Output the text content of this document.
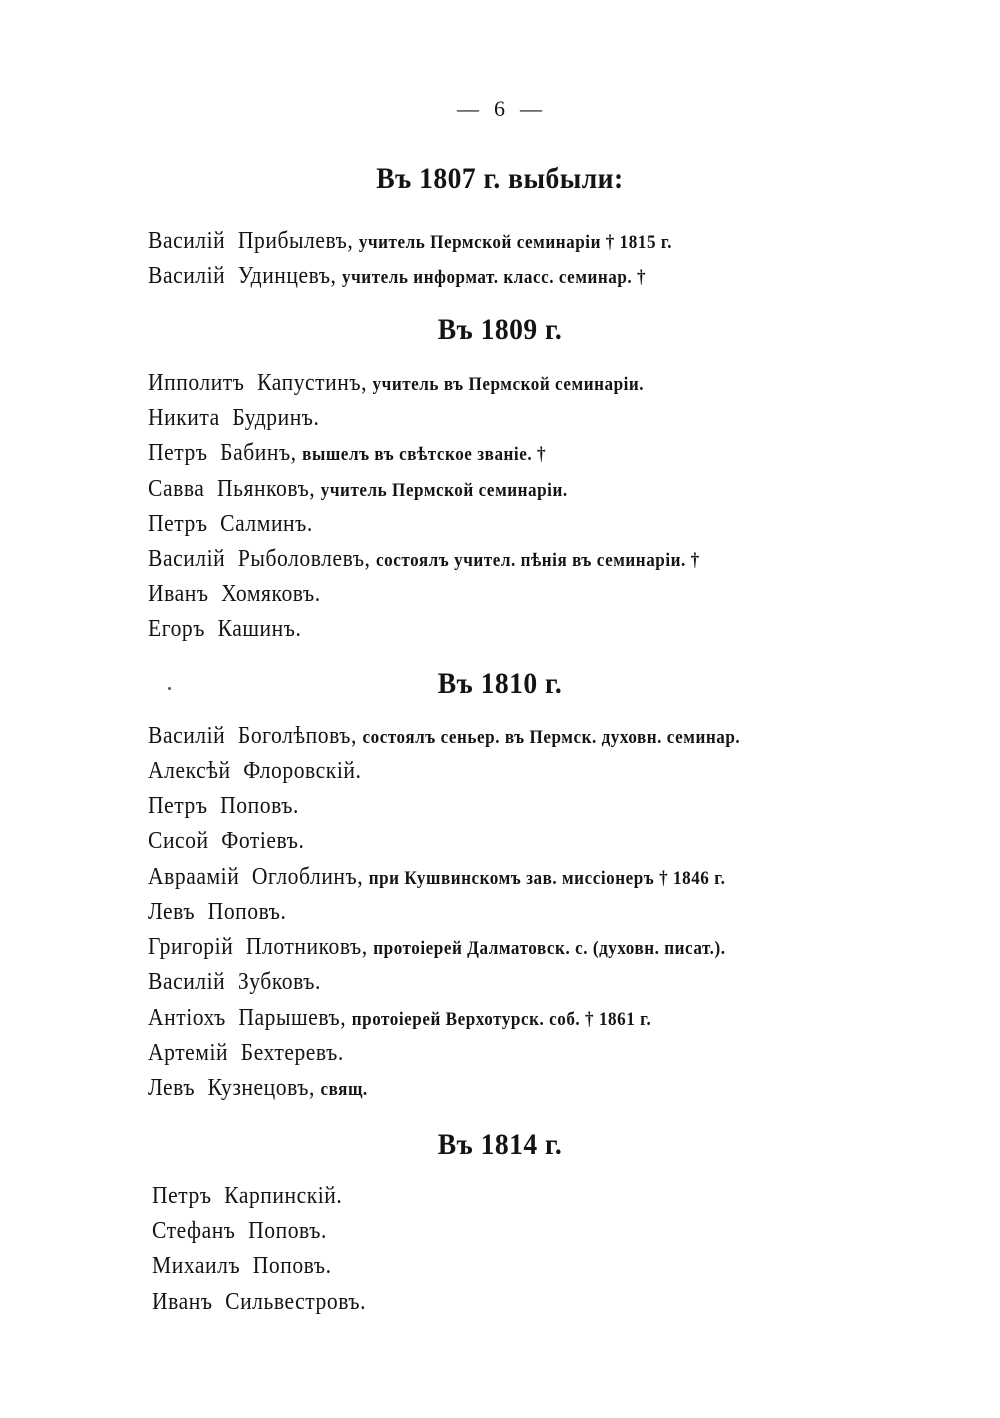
— 6 —
Въ 1807 г. выбыли:
Василій Прибылевъ, учитель Пермской семинаріи † 1815 г.
Василій Удинцевъ, учитель информат. класс. семинар. †
Въ 1809 г.
Ипполитъ Капустинъ, учитель въ Пермской семинаріи.
Никита Будринъ.
Петръ Бабинъ, вышелъ въ свѣтское званіе. †
Савва Пьянковъ, учитель Пермской семинаріи.
Петръ Салминъ.
Василій Рыболовлевъ, состоялъ учител. пѣнія въ семинаріи. †
Иванъ Хомяковъ.
Егоръ Кашинъ.
Въ 1810 г.
Василій Боголѣповъ, состоялъ сеньер. въ Пермск. духовн. семинар.
Алексѣй Флоровскій.
Петръ Поповъ.
Сисой Фотіевъ.
Авраамій Оглоблинъ, при Кушвинскомъ зав. миссіонеръ † 1846 г.
Левъ Поповъ.
Григорій Плотниковъ, протоіерей Далматовск. с. (духовн. писат.).
Василій Зубковъ.
Антіохъ Парышевъ, протоіерей Верхотурск. соб. † 1861 г.
Артемій Бехтеревъ.
Левъ Кузнецовъ, свящ.
Въ 1814 г.
Петръ Карпинскій.
Стефанъ Поповъ.
Михаилъ Поповъ.
Иванъ Сильвестровъ.
